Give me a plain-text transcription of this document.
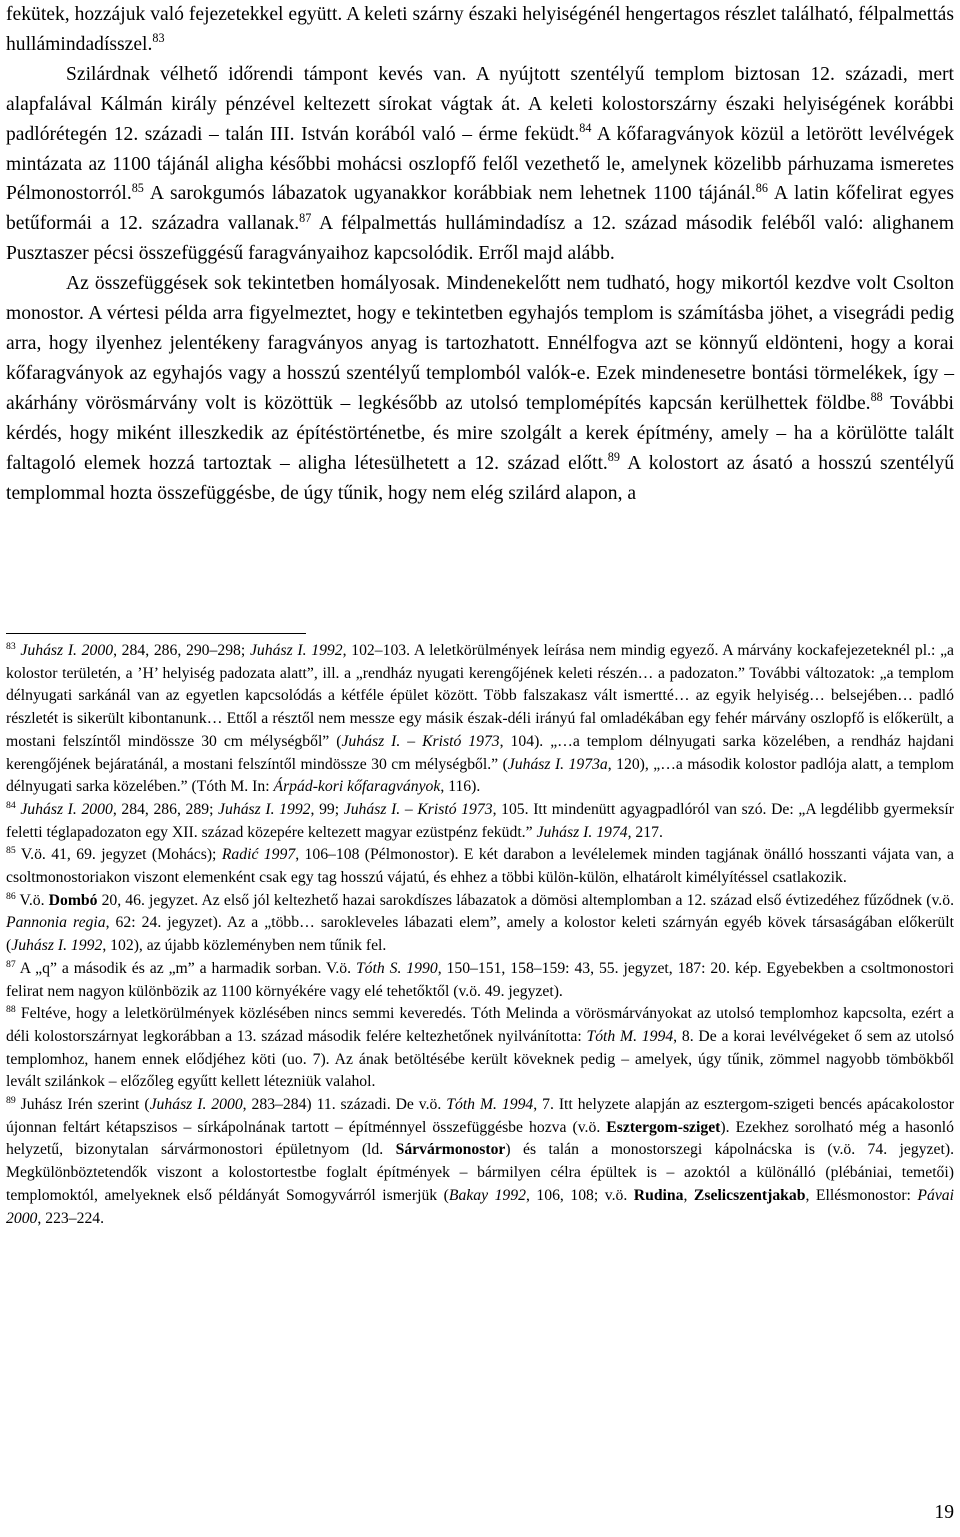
fekütek, hozzájuk való fejezetekkel együtt. A keleti szárny északi helyiségénél hengertagos részlet található, félpalmettás hullámindadísszel.$^{83}$

Szilárdnak vélhető időrendi támpont kevés van. A nyújtott szentélyű templom biztosan 12. századi, mert alapfalával Kálmán király pénzével keltezett sírokat vágtak át. A keleti kolostorszárny északi helyiségének korábbi padlórétegén 12. századi – talán III. István korából való – érme feküdt.$^{84}$ A kőfaragványok közül a letörött levélvégek mintázata az 1100 tájánál aligha későbbi mohácsi oszlopfő felől vezethető le, amelynek közelibb párhuzama ismeretes Pélmonostorról.$^{85}$ A sarokgumós lábazatok ugyanakkor korábbiak nem lehetnek 1100 tájánál.$^{86}$ A latin kőfelirat egyes betűformái a 12. századra vallanak.$^{87}$ A félpalmettás hullámindadísz a 12. század második feléből való: alighanem Pusztaszer pécsi összefüggésű faragványaihoz kapcsolódik. Erről majd alább.

Az összefüggések sok tekintetben homályosak. Mindenekelőtt nem tudható, hogy mikortól kezdve volt Csolton monostor. A vértesi példa arra figyelmeztet, hogy e tekintetben egyhajós templom is számításba jöhet, a visegrádi pedig arra, hogy ilyenhez jelentékeny faragványos anyag is tartozhatott. Ennélfogva azt se könnyű eldönteni, hogy a korai kőfaragványok az egyhajós vagy a hosszú szentélyű templomból valók-e. Ezek mindenesetre bontási törmelékek, így – akárhány vörösmárvány volt is közöttük – legkésőbb az utolsó templomépítés kapcsán kerülhettek földbe.$^{88}$ További kérdés, hogy miként illeszkedik az építéstörténetbe, és mire szolgált a kerek építmény, amely – ha a körülötte talált faltagoló elemek hozzá tartoztak – aligha létesülhetett a 12. század előtt.$^{89}$ A kolostort az ásató a hosszú szentélyű templommal hozta összefüggésbe, de úgy tűnik, hogy nem elég szilárd alapon, a

$^{83}$ Juhász I. 2000, 284, 286, 290–298; Juhász I. 1992, 102–103. A leletkörülmények leírása nem mindig egyező. A márvány kockafejezeteknél pl.: „a kolostor területén, a ’H’ helyiség padozata alatt”, ill. a „rendház nyugati kerengőjének keleti részén… a padozaton.” További változatok: „a templom délnyugati sarkánál van az egyetlen kapcsolódás a kétféle épület között. Több falszakasz vált ismertté… az egyik helyiség… belsejében… padló részletét is sikerült kibontanunk… Ettől a résztől nem messze egy másik észak-déli irányú fal omladékában egy fehér márvány oszlopfő is előkerült, a mostani felszíntől mindössze 30 cm mélységből” (Juhász I. – Kristó 1973, 104). „…a templom délnyugati sarka közelében, a rendház hajdani kerengőjének bejáratánál, a mostani felszíntől mindössze 30 cm mélységből.” (Juhász I. 1973a, 120), „…a második kolostor padlója alatt, a templom délnyugati sarka közelében.” (Tóth M. In: Árpád-kori kőfaragványok, 116).

$^{84}$ Juhász I. 2000, 284, 286, 289; Juhász I. 1992, 99; Juhász I. – Kristó 1973, 105. Itt mindenütt agyagpadlóról van szó. De: „A legdélibb gyermeksír feletti téglapadozaton egy XII. század közepére keltezett magyar ezüstpénz feküdt.” Juhász I. 1974, 217.

$^{85}$ V.ö. 41, 69. jegyzet (Mohács); Radić 1997, 106–108 (Pélmonostor). E két darabon a levélelemek minden tagjának önálló hosszanti vájata van, a csoltmonostoriakon viszont elemenként csak egy tag hosszú vájatú, és ehhez a többi külön-külön, elhatárolt kimélyítéssel csatlakozik.

$^{86}$ V.ö. Dombó 20, 46. jegyzet. Az első jól keltezhető hazai sarokdíszes lábazatok a dömösi altemplomban a 12. század első évtizedéhez fűződnek (v.ö. Pannonia regia, 62: 24. jegyzet). Az a „több… sarokleveles lábazati elem”, amely a kolostor keleti szárnyán egyéb kövek társaságában előkerült (Juhász I. 1992, 102), az újabb közleményben nem tűnik fel.

$^{87}$ A „q” a második és az „m” a harmadik sorban. V.ö. Tóth S. 1990, 150–151, 158–159: 43, 55. jegyzet, 187: 20. kép. Egyebekben a csoltmonostori felirat nem nagyon különbözik az 1100 környékére vagy elé tehetőktől (v.ö. 49. jegyzet).

$^{88}$ Feltéve, hogy a leletkörülmények közlésében nincs semmi keveredés. Tóth Melinda a vörösmárványokat az utolsó templomhoz kapcsolta, ezért a déli kolostorszárnyat legkorábban a 13. század második felére keltezhetőnek nyilvánította: Tóth M. 1994, 8. De a korai levélvégeket ő sem az utolsó templomhoz, hanem ennek elődjéhez köti (uo. 7). Az ának betöltésébe került köveknek pedig – amelyek, úgy tűnik, zömmel nagyobb tömbökből levált szilánkok – előzőleg egyűtt kellett létezniük valahol.

$^{89}$ Juhász Irén szerint (Juhász I. 2000, 283–284) 11. századi. De v.ö. Tóth M. 1994, 7. Itt helyzete alapján az esztergom-szigeti bencés apácakolostor újonnan feltárt kétapszisos – sírkápolnának tartott – építménnyel összefüggésbe hozva (v.ö. Esztergom-sziget). Ezekhez sorolható még a hasonló helyzetű, bizonytalan sárvármonostori épületnyom (ld. Sárvármonostor) és talán a monostorszegi kápolnácska is (v.ö. 74. jegyzet). Megkülönböztetendők viszont a kolostortestbe foglalt építmények – bármilyen célra épültek is – azoktól a különálló (plébániai, temetői) templomoktól, amelyeknek első példányát Somogyvárról ismerjük (Bakay 1992, 106, 108; v.ö. Rudina, Zselicszentjakab, Ellésmonostor: Pávai 2000, 223–224.

19
